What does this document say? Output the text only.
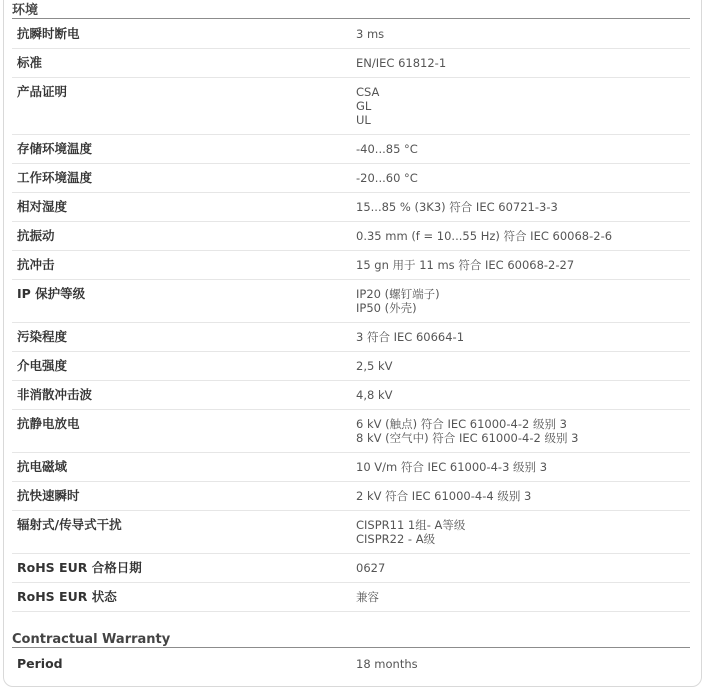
环境
抗瞬时断电	3 ms
标准	EN/IEC 61812-1
产品证明	CSA
GL
UL
存储环境温度	-40...85 °C
工作环境温度	-20...60 °C
相对湿度	15...85 % (3K3) 符合 IEC 60721-3-3
抗振动	0.35 mm (f = 10...55 Hz) 符合 IEC 60068-2-6
抗冲击	15 gn 用于 11 ms 符合 IEC 60068-2-27
IP 保护等级	IP20 (螺钉端子)
IP50 (外壳)
污染程度	3 符合 IEC 60664-1
介电强度	2,5 kV
非消散冲击波	4,8 kV
抗静电放电	6 kV (触点) 符合 IEC 61000-4-2 级别 3
8 kV (空气中) 符合 IEC 61000-4-2 级别 3
抗电磁域	10 V/m 符合 IEC 61000-4-3 级别 3
抗快速瞬时	2 kV 符合 IEC 61000-4-4 级别 3
辐射式/传导式干扰	CISPR11 1组- A等级
CISPR22 - A级
RoHS EUR 合格日期	0627
RoHS EUR 状态	兼容
Contractual Warranty
Period	18 months
